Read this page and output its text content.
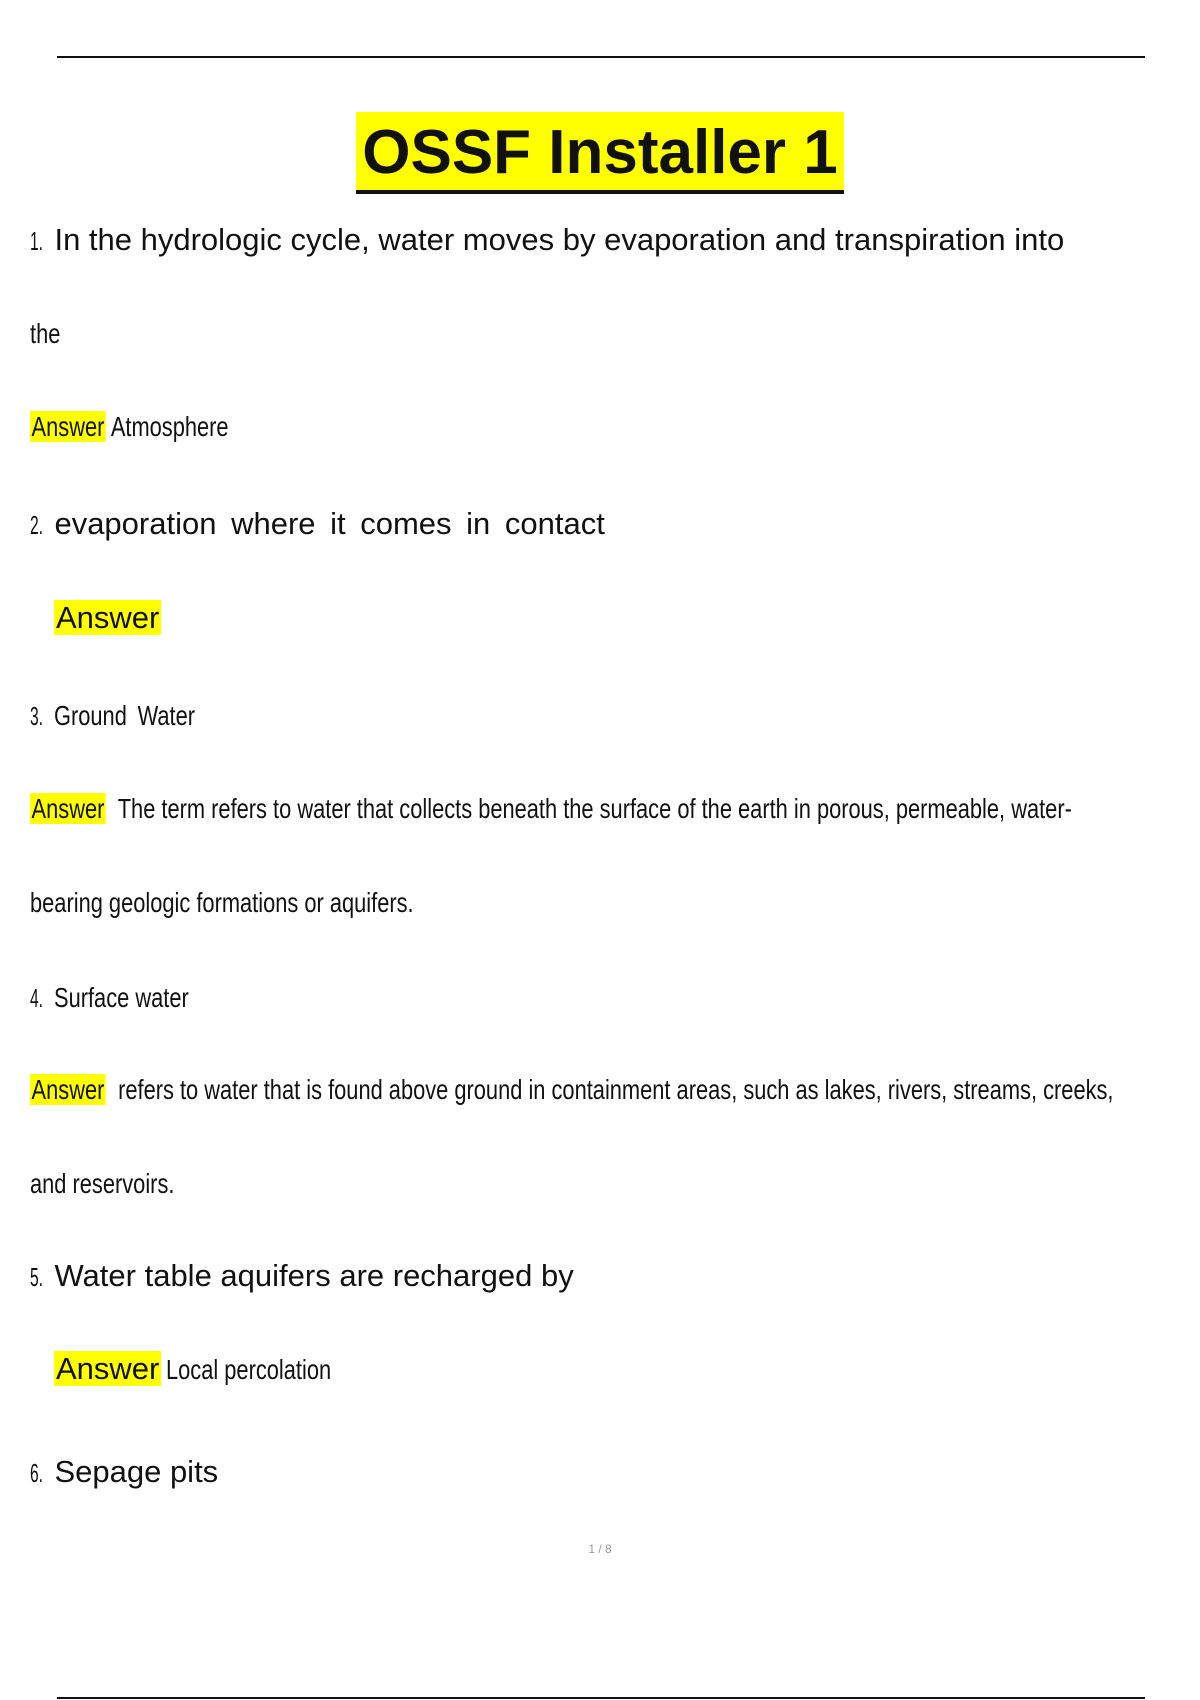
OSSF Installer 1
1. In the hydrologic cycle, water moves by evaporation and transpiration into
the
Answer Atmosphere
2. evaporation where it comes in contact
Answer
3. Ground Water
Answer The term refers to water that collects beneath the surface of the earth in porous, permeable, water-
bearing geologic formations or aquifers.
4. Surface water
Answer refers to water that is found above ground in containment areas, such as lakes, rivers, streams, creeks,
and reservoirs.
5. Water table aquifers are recharged by
Answer Local percolation
6. Sepage pits
1 / 8
